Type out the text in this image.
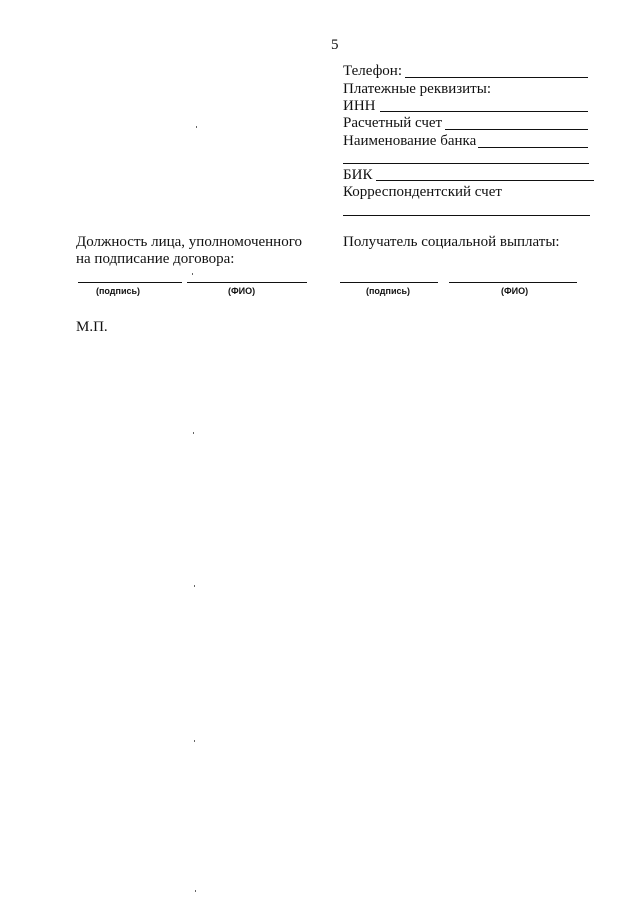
5
Телефон:
Платежные реквизиты:
ИНН
Расчетный счет
Наименование банка
БИК
Корреспондентский счет
Должность лица, уполномоченного
на подписание договора:
(подпись)	(ФИО)
Получатель социальной выплаты:
(подпись)	(ФИО)
М.П.
